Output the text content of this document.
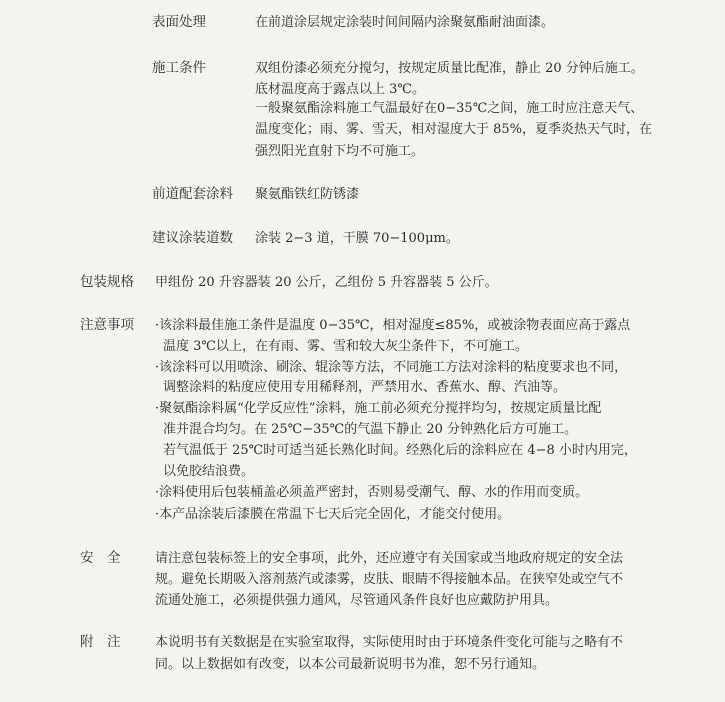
表面处理	在前道涂层规定涂装时间间隔内涂聚氨酯耐油面漆。
施工条件	双组份漆必须充分搅匀，按规定质量比配准，静止 20 分钟后施工。
底材温度高于露点以上 3℃。
一般聚氨酯涂料施工气温最好在0−35℃之间，施工时应注意天气、
温度变化；雨、雾、雪天，相对湿度大于 85%，夏季炎热天气时，在
强烈阳光直射下均不可施工。
前道配套涂料 聚氨酯铁红防锈漆
建议涂装道数 涂装 2−3 道，干膜 70−100μm。
包装规格 甲组份 20 升容器装 20 公斤，乙组份 5 升容器装 5 公斤。
注意事项 ·该涂料最佳施工条件是温度 0−35℃，相对湿度≤85%，或被涂物表面应高于露点
温度 3℃以上，在有雨、雾、雪和较大灰尘条件下，不可施工。
·该涂料可以用喷涂、刷涂、辊涂等方法，不同施工方法对涂料的粘度要求也不同，
调整涂料的粘度应使用专用稀释剂，严禁用水、香蕉水、醇、汽油等。
·聚氨酯涂料属“化学反应性”涂料，施工前必须充分搅拌均匀，按规定质量比配
准并混合均匀。在 25℃−35℃的气温下静止 20 分钟熟化后方可施工。
若气温低于 25℃时可适当延长熟化时间。经熟化后的涂料应在 4−8 小时内用完，
以免胶结浪费。
·涂料使用后包装桶盖必须盖严密封，否则易受潮气、醇、水的作用而变质。
·本产品涂装后漆膜在常温下七天后完全固化，才能交付使用。
安　全	请注意包装标签上的安全事项，此外，还应遵守有关国家或当地政府规定的安全法
规。避免长期吸入溶剂蒸汽或漆雾，皮肤、眼睛不得接触本品。在狭窄处或空气不
流通处施工，必须提供强力通风，尽管通风条件良好也应戴防护用具。
附　注	本说明书有关数据是在实验室取得，实际使用时由于环境条件变化可能与之略有不
同。以上数据如有改变，以本公司最新说明书为准，恕不另行通知。
